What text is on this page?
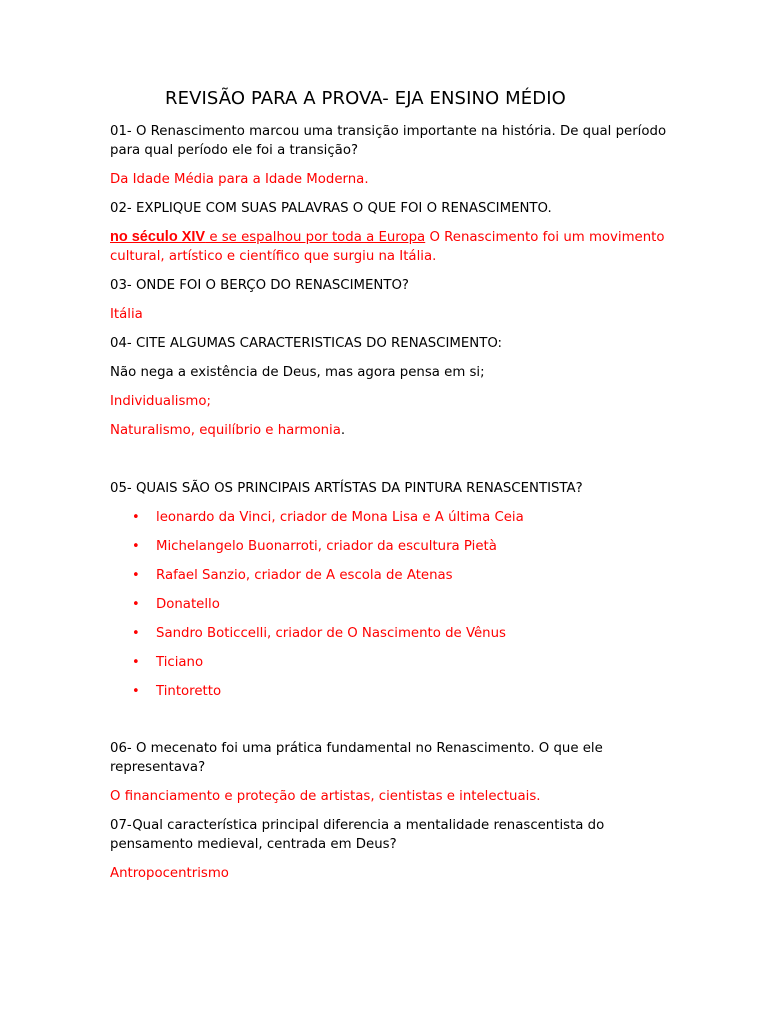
REVISÃO PARA A PROVA- EJA ENSINO MÉDIO
01- O Renascimento marcou uma transição importante na história. De qual período para qual período ele foi a transição?
Da Idade Média para a Idade Moderna.
02- EXPLIQUE COM SUAS PALAVRAS O QUE FOI O RENASCIMENTO.
no século XIV e se espalhou por toda a Europa O Renascimento foi um movimento cultural, artístico e científico que surgiu na Itália.
03- ONDE FOI O BERÇO DO RENASCIMENTO?
Itália
04- CITE ALGUMAS CARACTERISTICAS DO RENASCIMENTO:
Não nega a existência de Deus, mas agora pensa em si;
Individualismo;
Naturalismo, equilíbrio e harmonia.
05- QUAIS SÃO OS PRINCIPAIS ARTÍSTAS DA PINTURA RENASCENTISTA?
• leonardo da Vinci, criador de Mona Lisa e A última Ceia
• Michelangelo Buonarroti, criador da escultura Pietà
• Rafael Sanzio, criador de A escola de Atenas
• Donatello
• Sandro Boticcelli, criador de O Nascimento de Vênus
• Ticiano
• Tintoretto
06- O mecenato foi uma prática fundamental no Renascimento. O que ele representava?
O financiamento e proteção de artistas, cientistas e intelectuais.
07-Qual característica principal diferencia a mentalidade renascentista do pensamento medieval, centrada em Deus?
Antropocentrismo
